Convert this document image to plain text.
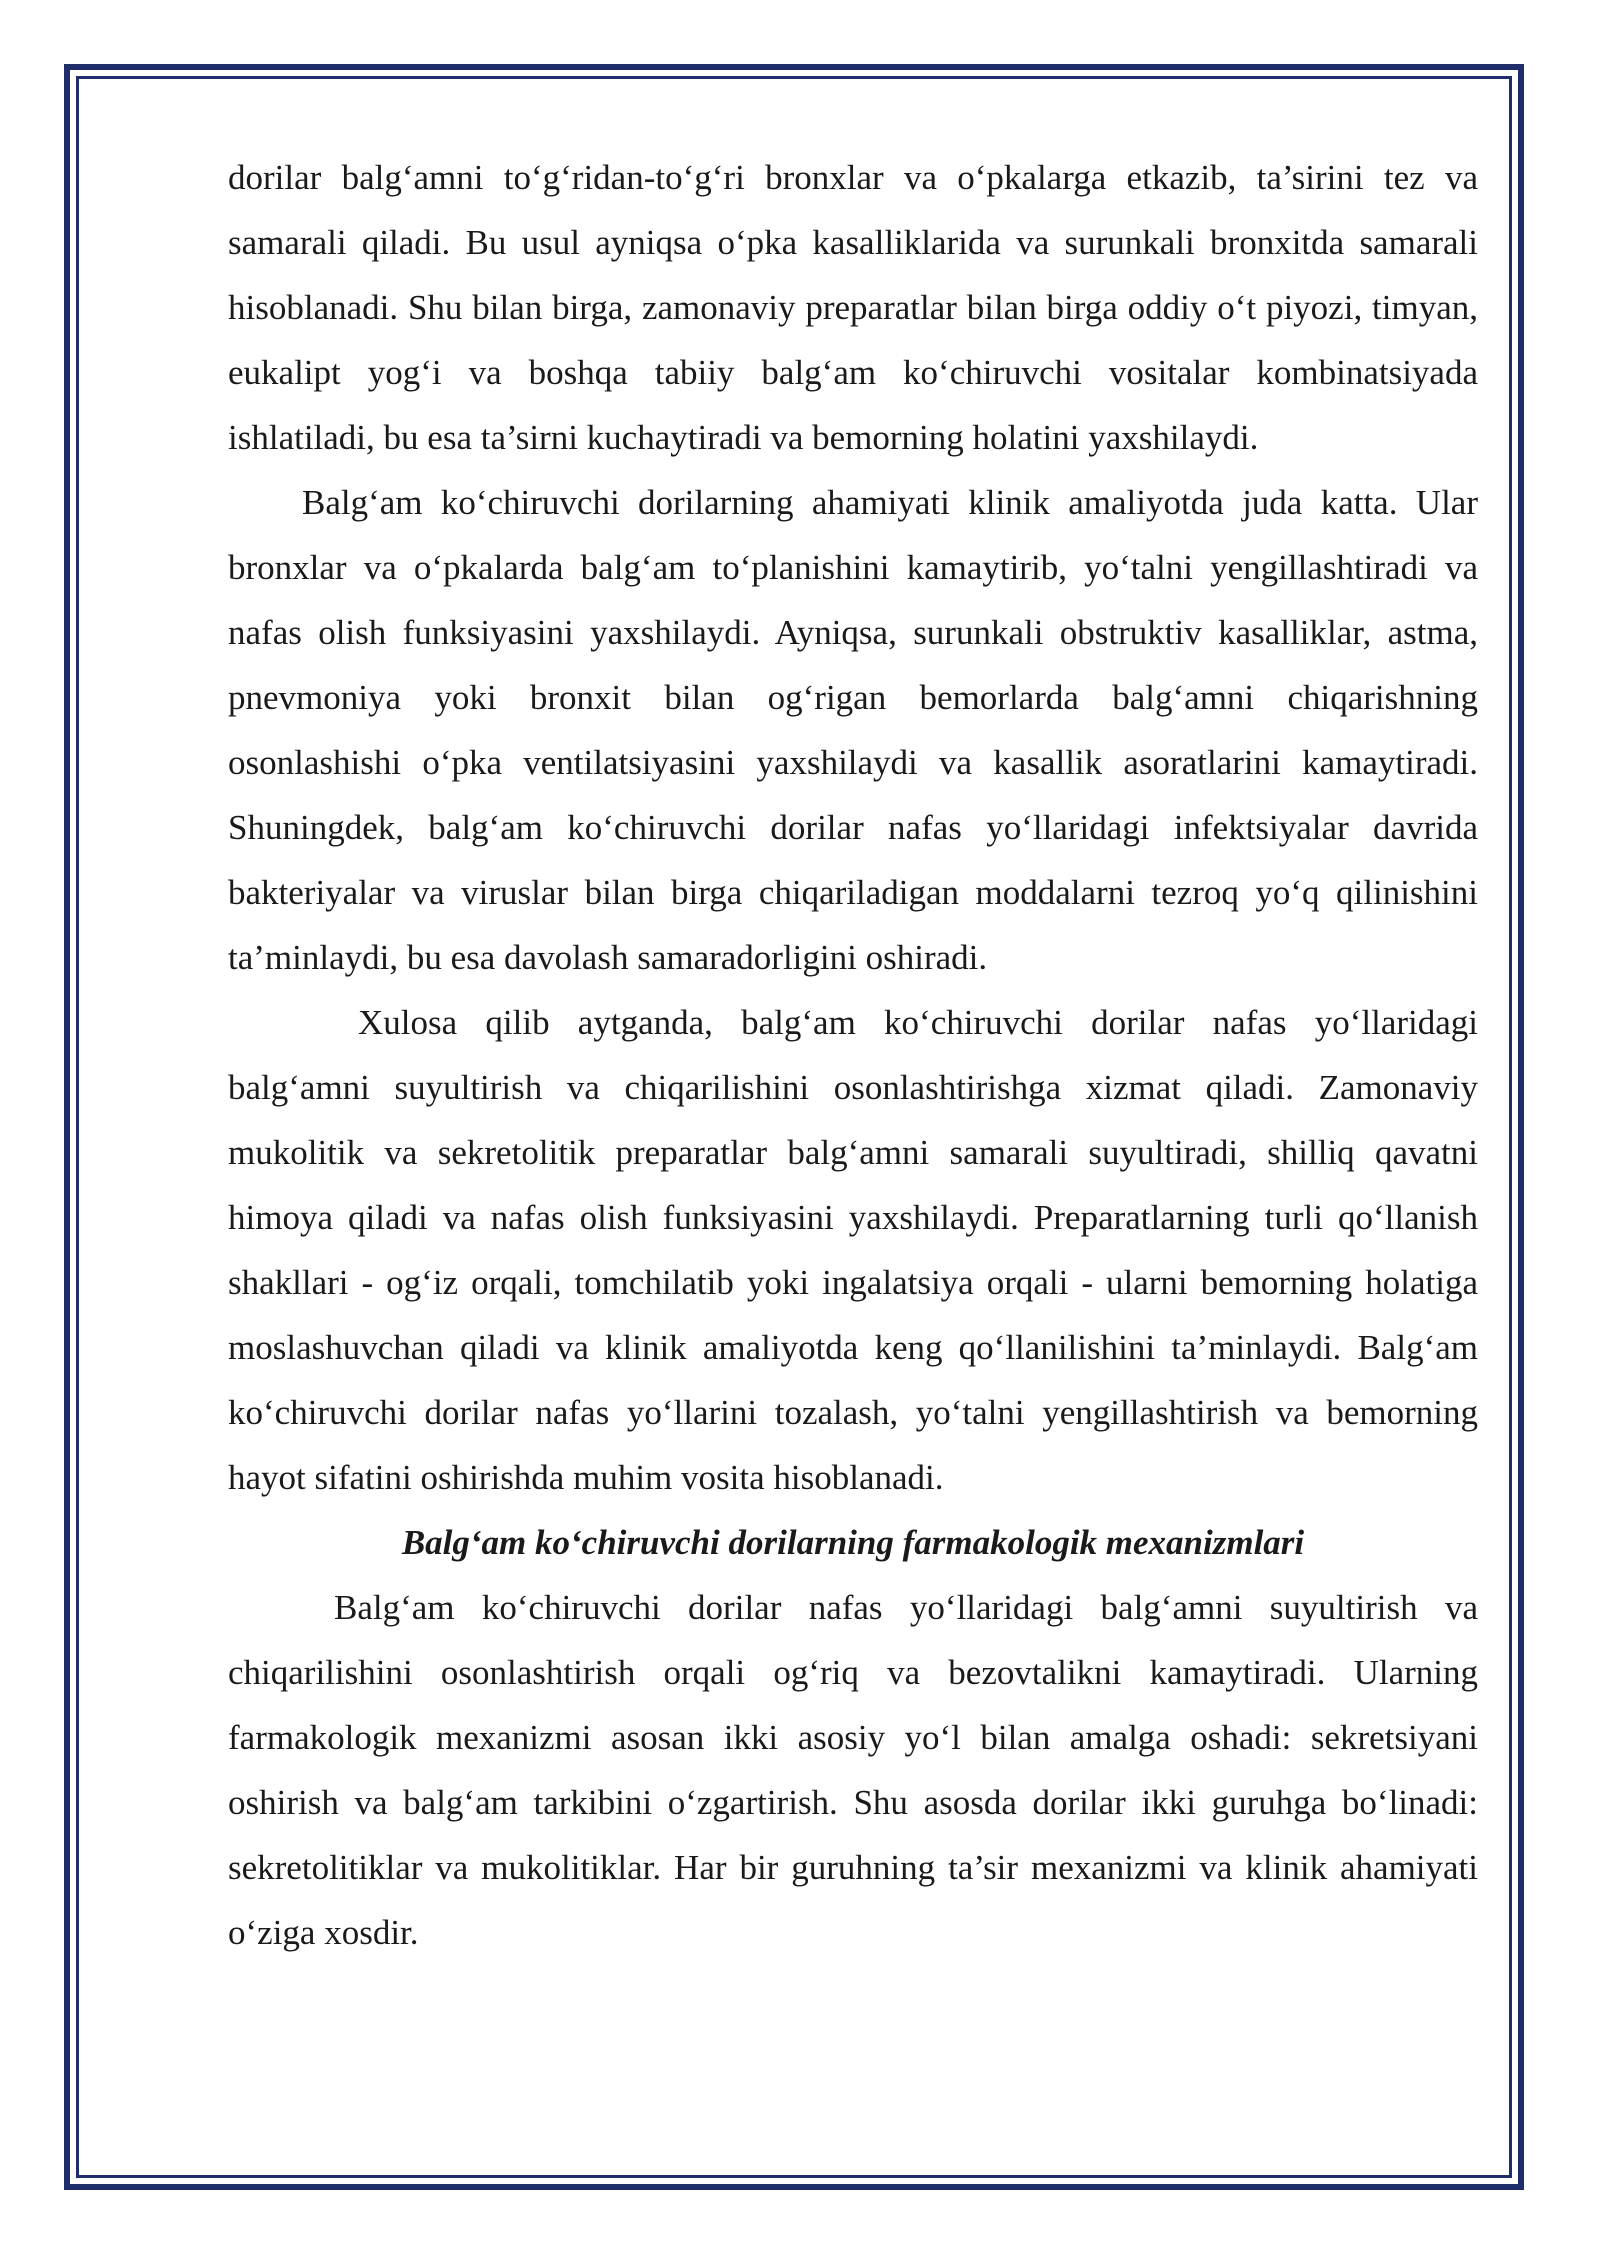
dorilar balg‘amni to‘g‘ridan-to‘g‘ri bronxlar va o‘pkalarga etkazib, ta’sirini tez va samarali qiladi. Bu usul ayniqsa o‘pka kasalliklarida va surunkali bronxitda samarali hisoblanadi. Shu bilan birga, zamonaviy preparatlar bilan birga oddiy o‘t piyozi, timyan, eukalipt yog‘i va boshqa tabiiy balg‘am ko‘chiruvchi vositalar kombinatsiyada ishlatiladi, bu esa ta’sirni kuchaytiradi va bemorning holatini yaxshilaydi.

Balg‘am ko‘chiruvchi dorilarning ahamiyati klinik amaliyotda juda katta. Ular bronxlar va o‘pkalarda balg‘am to‘planishini kamaytirib, yo‘talni yengillashtiradi va nafas olish funksiyasini yaxshilaydi. Ayniqsa, surunkali obstruktiv kasalliklar, astma, pnevmoniya yoki bronxit bilan og‘rigan bemorlarda balg‘amni chiqarishning osonlashishi o‘pka ventilatsiyasini yaxshilaydi va kasallik asoratlarini kamaytiradi. Shuningdek, balg‘am ko‘chiruvchi dorilar nafas yo‘llaridagi infektsiyalar davrida bakteriyalar va viruslar bilan birga chiqariladigan moddalarni tezroq yo‘q qilinishini ta’minlaydi, bu esa davolash samaradorligini oshiradi.

Xulosa qilib aytganda, balg‘am ko‘chiruvchi dorilar nafas yo‘llaridagi balg‘amni suyultirish va chiqarilishini osonlashtirishga xizmat qiladi. Zamonaviy mukolitik va sekretolitik preparatlar balg‘amni samarali suyultiradi, shilliq qavatni himoya qiladi va nafas olish funksiyasini yaxshilaydi. Preparatlarning turli qo‘llanish shakllari - og‘iz orqali, tomchilatib yoki ingalatsiya orqali - ularni bemorning holatiga moslashuvchan qiladi va klinik amaliyotda keng qo‘llanilishini ta’minlaydi. Balg‘am ko‘chiruvchi dorilar nafas yo‘llarini tozalash, yo‘talni yengillashtirish va bemorning hayot sifatini oshirishda muhim vosita hisoblanadi.

Balg‘am ko‘chiruvchi dorilarning farmakologik mexanizmlari

Balg‘am ko‘chiruvchi dorilar nafas yo‘llaridagi balg‘amni suyultirish va chiqarilishini osonlashtirish orqali og‘riq va bezovtalikni kamaytiradi. Ularning farmakologik mexanizmi asosan ikki asosiy yo‘l bilan amalga oshadi: sekretsiyani oshirish va balg‘am tarkibini o‘zgartirish. Shu asosda dorilar ikki guruhga bo‘linadi: sekretolitiklar va mukolitiklar. Har bir guruhning ta’sir mexanizmi va klinik ahamiyati o‘ziga xosdir.
